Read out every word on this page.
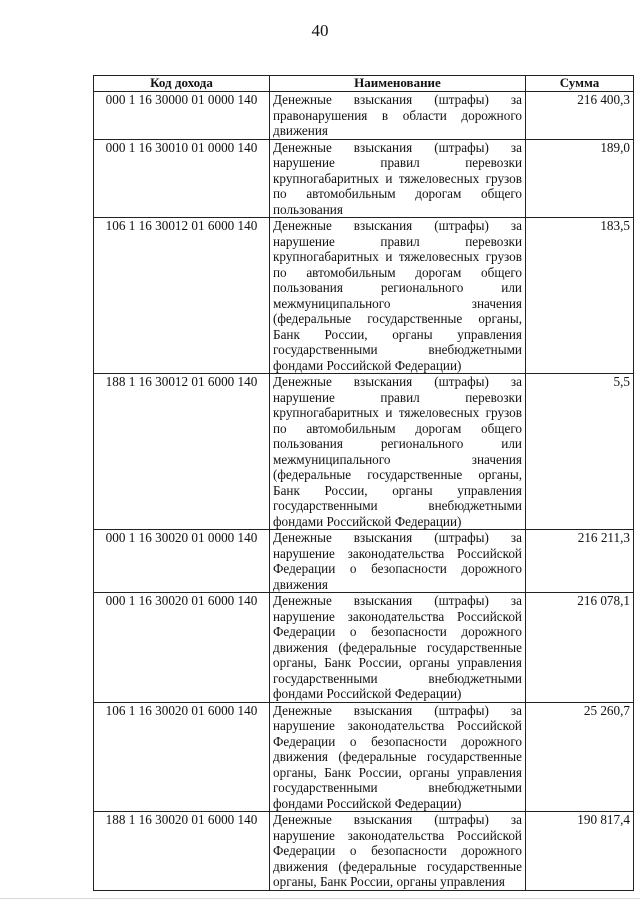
40
Код дохода	Наименование	Сумма
000 1 16 30000 01 0000 140	Денежные взыскания (штрафы) за правонарушения в области дорожного движения	216 400,3
000 1 16 30010 01 0000 140	Денежные взыскания (штрафы) за нарушение правил перевозки крупногабаритных и тяжеловесных грузов по автомобильным дорогам общего пользования	189,0
106 1 16 30012 01 6000 140	Денежные взыскания (штрафы) за нарушение правил перевозки крупногабаритных и тяжеловесных грузов по автомобильным дорогам общего пользования регионального или межмуниципального значения (федеральные государственные органы, Банк России, органы управления государственными внебюджетными фондами Российской Федерации)	183,5
188 1 16 30012 01 6000 140	Денежные взыскания (штрафы) за нарушение правил перевозки крупногабаритных и тяжеловесных грузов по автомобильным дорогам общего пользования регионального или межмуниципального значения (федеральные государственные органы, Банк России, органы управления государственными внебюджетными фондами Российской Федерации)	5,5
000 1 16 30020 01 0000 140	Денежные взыскания (штрафы) за нарушение законодательства Российской Федерации о безопасности дорожного движения	216 211,3
000 1 16 30020 01 6000 140	Денежные взыскания (штрафы) за нарушение законодательства Российской Федерации о безопасности дорожного движения (федеральные государственные органы, Банк России, органы управления государственными внебюджетными фондами Российской Федерации)	216 078,1
106 1 16 30020 01 6000 140	Денежные взыскания (штрафы) за нарушение законодательства Российской Федерации о безопасности дорожного движения (федеральные государственные органы, Банк России, органы управления государственными внебюджетными фондами Российской Федерации)	25 260,7
188 1 16 30020 01 6000 140	Денежные взыскания (штрафы) за нарушение законодательства Российской Федерации о безопасности дорожного движения (федеральные государственные органы, Банк России, органы управления	190 817,4
